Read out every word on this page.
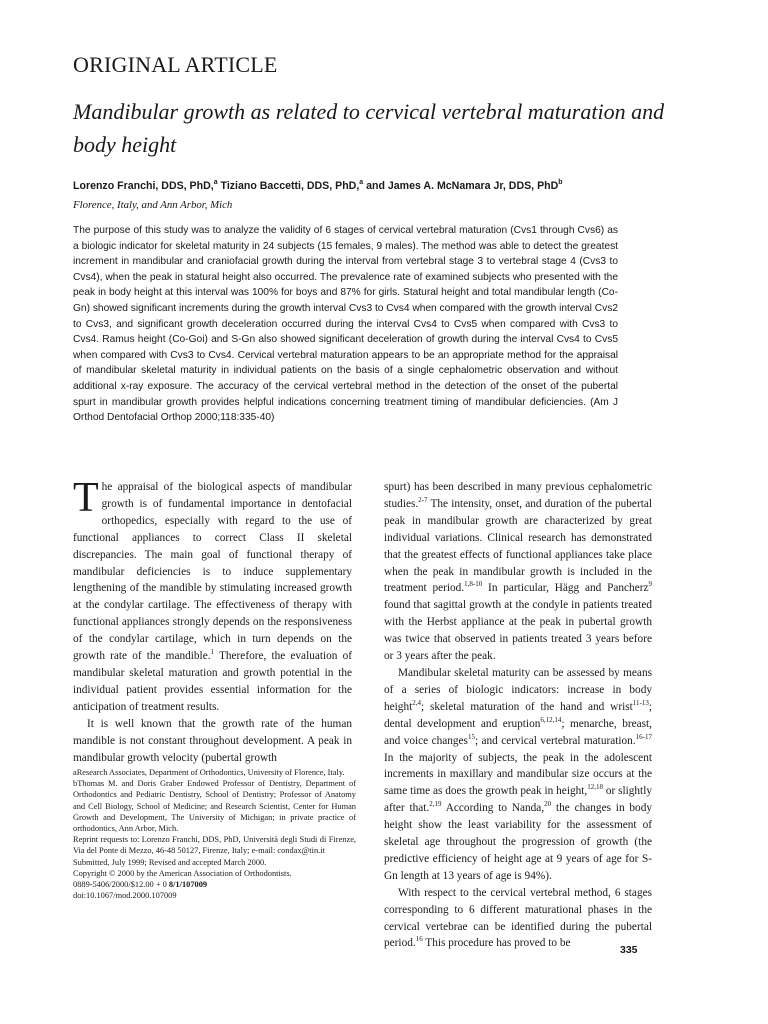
ORIGINAL ARTICLE
Mandibular growth as related to cervical vertebral maturation and body height

Lorenzo Franchi, DDS, PhD,$^a$ Tiziano Baccetti, DDS, PhD,$^a$ and James A. McNamara Jr, DDS, PhD$^b$

Florence, Italy, and Ann Arbor, Mich

The purpose of this study was to analyze the validity of 6 stages of cervical vertebral maturation (Cvs1 through Cvs6) as a biologic indicator for skeletal maturity in 24 subjects (15 females, 9 males). The method was able to detect the greatest increment in mandibular and craniofacial growth during the interval from vertebral stage 3 to vertebral stage 4 (Cvs3 to Cvs4), when the peak in statural height also occurred. The prevalence rate of examined subjects who presented with the peak in body height at this interval was 100% for boys and 87% for girls. Statural height and total mandibular length (Co-Gn) showed significant increments during the growth interval Cvs3 to Cvs4 when compared with the growth interval Cvs2 to Cvs3, and significant growth deceleration occurred during the interval Cvs4 to Cvs5 when compared with Cvs3 to Cvs4. Ramus height (Co-Goi) and S-Gn also showed significant deceleration of growth during the interval Cvs4 to Cvs5 when compared with Cvs3 to Cvs4. Cervical vertebral maturation appears to be an appropriate method for the appraisal of mandibular skeletal maturity in individual patients on the basis of a single cephalometric observation and without additional x-ray exposure. The accuracy of the cervical vertebral method in the detection of the onset of the pubertal spurt in mandibular growth provides helpful indications concerning treatment timing of mandibular deficiencies. (Am J Orthod Dentofacial Orthop 2000;118:335-40)

The appraisal of the biological aspects of mandibular growth is of fundamental importance in dentofacial orthopedics, especially with regard to the use of functional appliances to correct Class II skeletal discrepancies. The main goal of functional therapy of mandibular deficiencies is to induce supplementary lengthening of the mandible by stimulating increased growth at the condylar cartilage. The effectiveness of therapy with functional appliances strongly depends on the responsiveness of the condylar cartilage, which in turn depends on the growth rate of the mandible.$^1$ Therefore, the evaluation of mandibular skeletal maturation and growth potential in the individual patient provides essential information for the anticipation of treatment results.

It is well known that the growth rate of the human mandible is not constant throughout development. A peak in mandibular growth velocity (pubertal growth

aResearch Associates, Department of Orthodontics, University of Florence, Italy.

bThomas M. and Doris Graber Endowed Professor of Dentistry, Department of Orthodontics and Pediatric Dentistry, School of Dentistry; Professor of Anatomy and Cell Biology, School of Medicine; and Research Scientist, Center for Human Growth and Development, The University of Michigan; in private practice of orthodontics, Ann Arbor, Mich.

Reprint requests to: Lorenzo Franchi, DDS, PhD, Università degli Studi di Firenze, Via del Ponte di Mezzo, 46-48 50127, Firenze, Italy; e-mail: condax@tin.it

Submitted, July 1999; Revised and accepted March 2000.

Copyright © 2000 by the American Association of Orthodontists.

0889-5406/2000/$12.00 + 0 8/1/107009

doi:10.1067/mod.2000.107009

spurt) has been described in many previous cephalometric studies.$^{2-7}$ The intensity, onset, and duration of the pubertal peak in mandibular growth are characterized by great individual variations. Clinical research has demonstrated that the greatest effects of functional appliances take place when the peak in mandibular growth is included in the treatment period.$^{1,8-10}$ In particular, Hägg and Pancherz$^9$ found that sagittal growth at the condyle in patients treated with the Herbst appliance at the peak in pubertal growth was twice that observed in patients treated 3 years before or 3 years after the peak.

Mandibular skeletal maturity can be assessed by means of a series of biologic indicators: increase in body height$^{2,4}$; skeletal maturation of the hand and wrist$^{11-13}$; dental development and eruption$^{6,12,14}$; menarche, breast, and voice changes$^{15}$; and cervical vertebral maturation.$^{16-17}$ In the majority of subjects, the peak in the adolescent increments in maxillary and mandibular size occurs at the same time as does the growth peak in height,$^{12,18}$ or slightly after that.$^{2,19}$ According to Nanda,$^{20}$ the changes in body height show the least variability for the assessment of skeletal age throughout the progression of growth (the predictive efficiency of height age at 9 years of age for S-Gn length at 13 years of age is 94%).

With respect to the cervical vertebral method, 6 stages corresponding to 6 different maturational phases in the cervical vertebrae can be identified during the pubertal period.$^{16}$ This procedure has proved to be

335
